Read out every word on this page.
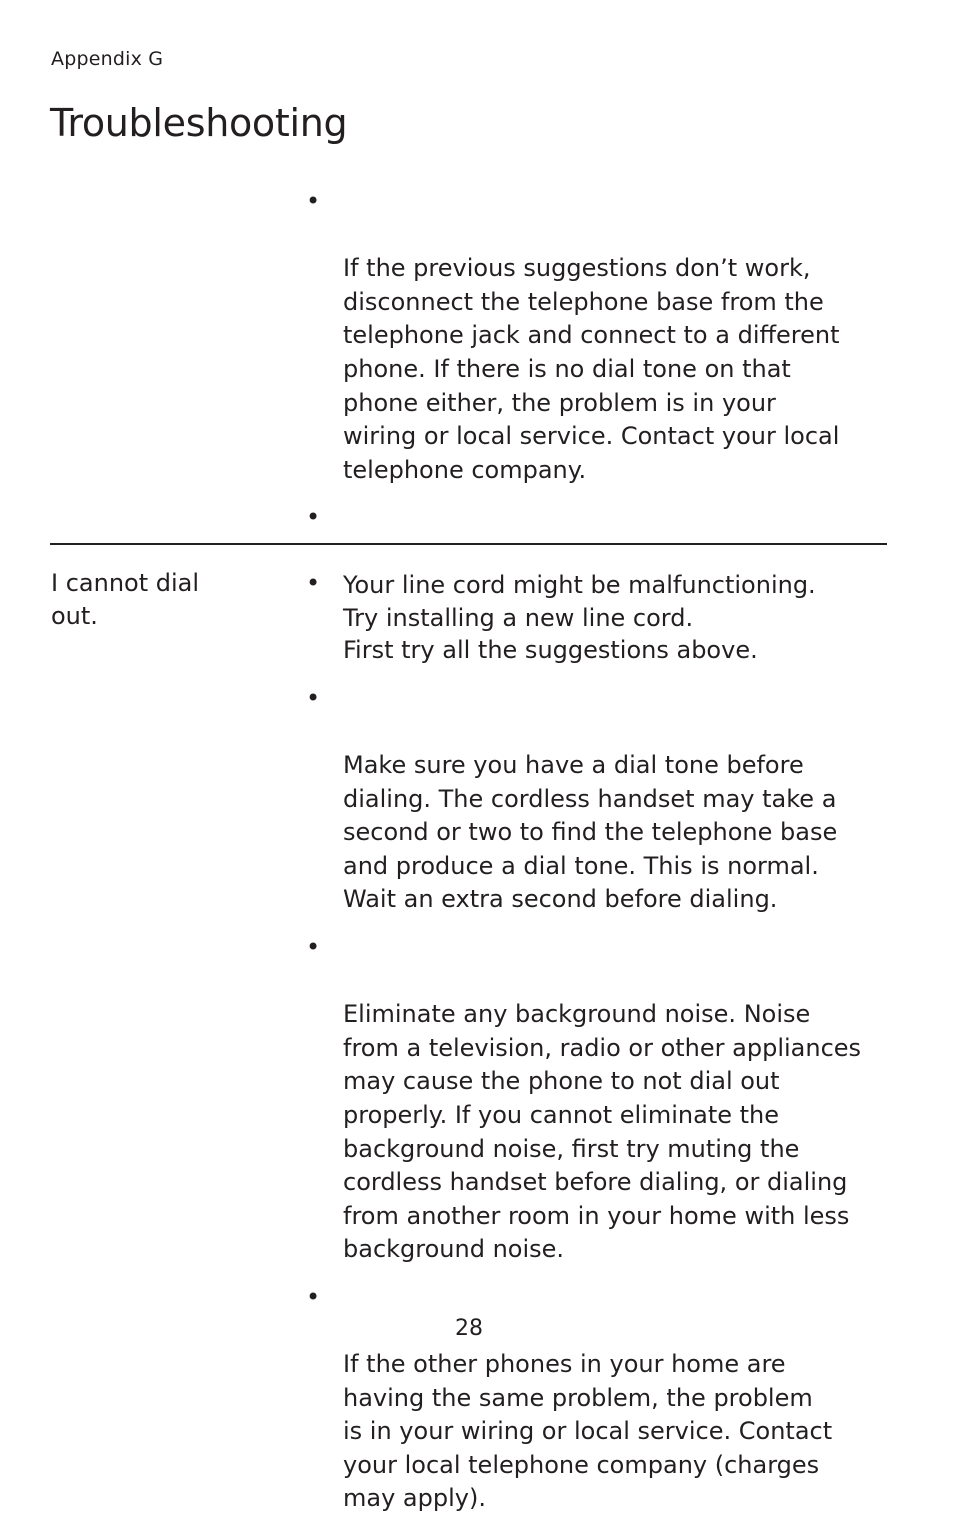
Appendix G
Troubleshooting

•

If the previous suggestions don’t work,
disconnect the telephone base from the
telephone jack and connect to a different
phone. If there is no dial tone on that
phone either, the problem is in your
wiring or local service. Contact your local
telephone company.

•

Your line cord might be malfunctioning.
Try installing a new line cord.

I cannot dial
out.

•

First try all the suggestions above.

•

Make sure you have a dial tone before
dialing. The cordless handset may take a
second or two to find the telephone base
and produce a dial tone. This is normal.
Wait an extra second before dialing.

•

Eliminate any background noise. Noise
from a television, radio or other appliances
may cause the phone to not dial out
properly. If you cannot eliminate the
background noise, first try muting the
cordless handset before dialing, or dialing
from another room in your home with less
background noise.

•

If the other phones in your home are
having the same problem, the problem
is in your wiring or local service. Contact
your local telephone company (charges
may apply).

28
